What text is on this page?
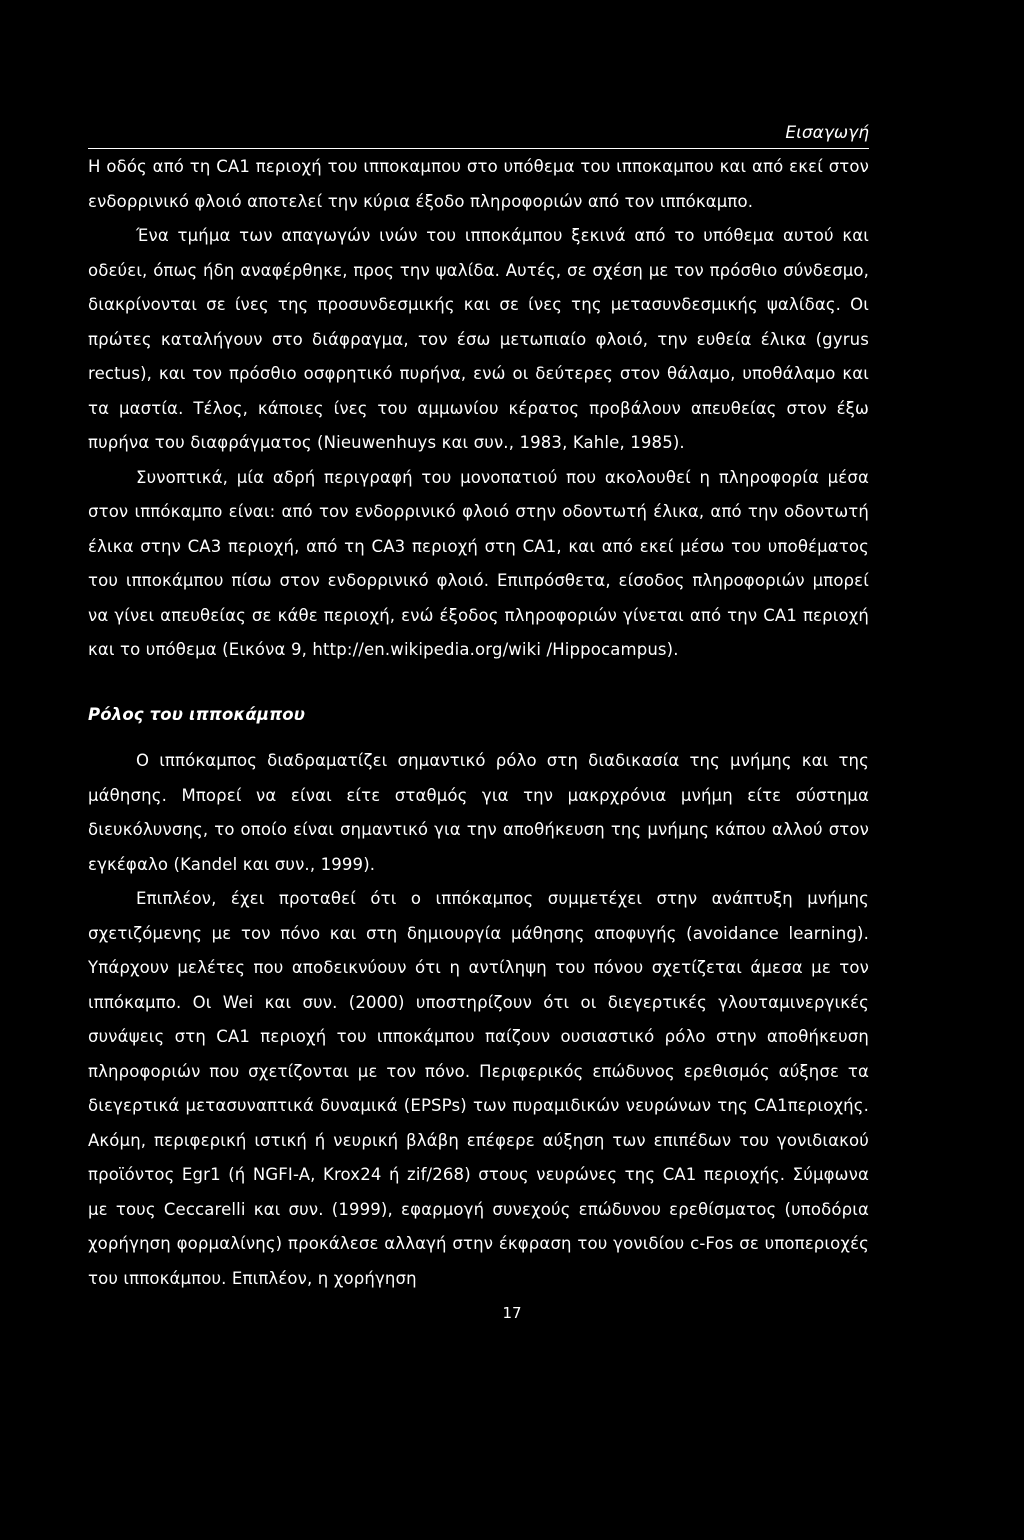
Εισαγωγή

Η οδός από τη CA1 περιοχή του ιπποκαμπου στο υπόθεμα του ιπποκαμπου και από εκεί στον ενδορρινικό φλοιό αποτελεί την κύρια έξοδο πληροφοριών από τον ιππόκαμπο.

Ένα τμήμα των απαγωγών ινών του ιπποκάμπου ξεκινά από το υπόθεμα αυτού και οδεύει, όπως ήδη αναφέρθηκε, προς την ψαλίδα. Αυτές, σε σχέση με τον πρόσθιο σύνδεσμο, διακρίνονται σε ίνες της προσυνδεσμικής και σε ίνες της μετασυνδεσμικής ψαλίδας. Οι πρώτες καταλήγουν στο διάφραγμα, τον έσω μετωπιαίο φλοιό, την ευθεία έλικα (gyrus rectus), και τον πρόσθιο οσφρητικό πυρήνα, ενώ οι δεύτερες στον θάλαμο, υποθάλαμο και τα μαστία. Τέλος, κάποιες ίνες του αμμωνίου κέρατος προβάλουν απευθείας στον έξω πυρήνα του διαφράγματος (Nieuwenhuys και συν., 1983, Kahle, 1985).

Συνοπτικά, μία αδρή περιγραφή του μονοπατιού που ακολουθεί η πληροφορία μέσα στον ιππόκαμπο είναι: από τον ενδορρινικό φλοιό στην οδοντωτή έλικα, από την οδοντωτή έλικα στην CA3 περιοχή, από τη CA3 περιοχή στη CA1, και από εκεί μέσω του υποθέματος του ιπποκάμπου πίσω στον ενδορρινικό φλοιό. Επιπρόσθετα, είσοδος πληροφοριών μπορεί να γίνει απευθείας σε κάθε περιοχή, ενώ έξοδος πληροφοριών γίνεται από την CA1 περιοχή και το υπόθεμα (Εικόνα 9, http://en.wikipedia.org/wiki /Hippocampus).

Ρόλος του ιπποκάμπου

Ο ιππόκαμπος διαδραματίζει σημαντικό ρόλο στη διαδικασία της μνήμης και της μάθησης. Μπορεί να είναι είτε σταθμός για την μακρχρόνια μνήμη είτε σύστημα διευκόλυνσης, το οποίο είναι σημαντικό για την αποθήκευση της μνήμης κάπου αλλού στον εγκέφαλο (Kandel και συν., 1999).

Επιπλέον, έχει προταθεί ότι ο ιππόκαμπος συμμετέχει στην ανάπτυξη μνήμης σχετιζόμενης με τον πόνο και στη δημιουργία μάθησης αποφυγής (avoidance learning). Υπάρχουν μελέτες που αποδεικνύουν ότι η αντίληψη του πόνου σχετίζεται άμεσα με τον ιππόκαμπο. Οι Wei και συν. (2000) υποστηρίζουν ότι οι διεγερτικές γλουταμινεργικές συνάψεις στη CA1 περιοχή του ιπποκάμπου παίζουν ουσιαστικό ρόλο στην αποθήκευση πληροφοριών που σχετίζονται με τον πόνο. Περιφερικός επώδυνος ερεθισμός αύξησε τα διεγερτικά μετασυναπτικά δυναμικά (EPSPs) των πυραμιδικών νευρώνων της CA1περιοχής. Ακόμη, περιφερική ιστική ή νευρική βλάβη επέφερε αύξηση των επιπέδων του γονιδιακού προϊόντος Egr1 (ή NGFI-A, Krox24 ή zif/268) στους νευρώνες της CA1 περιοχής. Σύμφωνα με τους Ceccarelli και συν. (1999), εφαρμογή συνεχούς επώδυνου ερεθίσματος (υποδόρια χορήγηση φορμαλίνης) προκάλεσε αλλαγή στην έκφραση του γονιδίου c-Fos σε υποπεριοχές του ιπποκάμπου. Επιπλέον, η χορήγηση

17
